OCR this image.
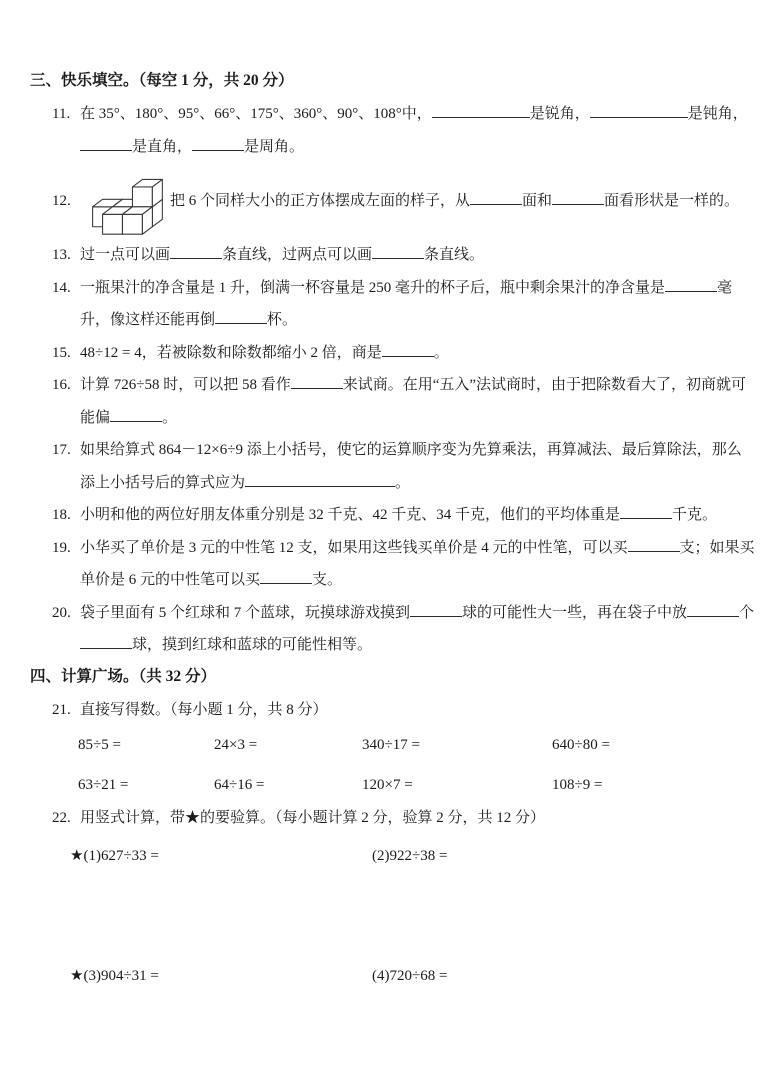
三、快乐填空。（每空 1 分，共 20 分）
11. 在 35°、180°、95°、66°、175°、360°、90°、108°中，	是锐角，	是钝角，是直角，	是周角。
12.	把 6 个同样大小的正方体摆成左面的样子，从	面和	面看形状是一样的。
13. 过一点可以画	条直线，过两点可以画	条直线。
14. 一瓶果汁的净含量是 1 升，倒满一杯容量是 250 毫升的杯子后，瓶中剩余果汁的净含量是	毫升，像这样还能再倒	杯。
15. 48÷12 = 4，若被除数和除数都缩小 2 倍，商是	。
16. 计算 726÷58 时，可以把 58 看作	来试商。在用“五入”法试商时，由于把除数看大了，初商就可能偏	。
17. 如果给算式 864－12×6÷9 添上小括号，使它的运算顺序变为先算乘法，再算减法、最后算除法，那么添上小括号后的算式应为	。
18. 小明和他的两位好朋友体重分别是 32 千克、42 千克、34 千克，他们的平均体重是	千克。
19. 小华买了单价是 3 元的中性笔 12 支，如果用这些钱买单价是 4 元的中性笔，可以买	支；如果买单价是 6 元的中性笔可以买	支。
20. 袋子里面有 5 个红球和 7 个蓝球，玩摸球游戏摸到	球的可能性大一些，再在袋子中放	个球，摸到红球和蓝球的可能性相等。
四、计算广场。（共 32 分）
21. 直接写得数。（每小题 1 分，共 8 分）
85÷5 =	24×3 =	340÷17 =	640÷80 =
63÷21 =	64÷16 =	120×7 =	108÷9 =
22. 用竖式计算，带★的要验算。（每小题计算 2 分，验算 2 分，共 12 分）
★(1)627÷33 =	(2)922÷38 =
★(3)904÷31 =	(4)720÷68 =
